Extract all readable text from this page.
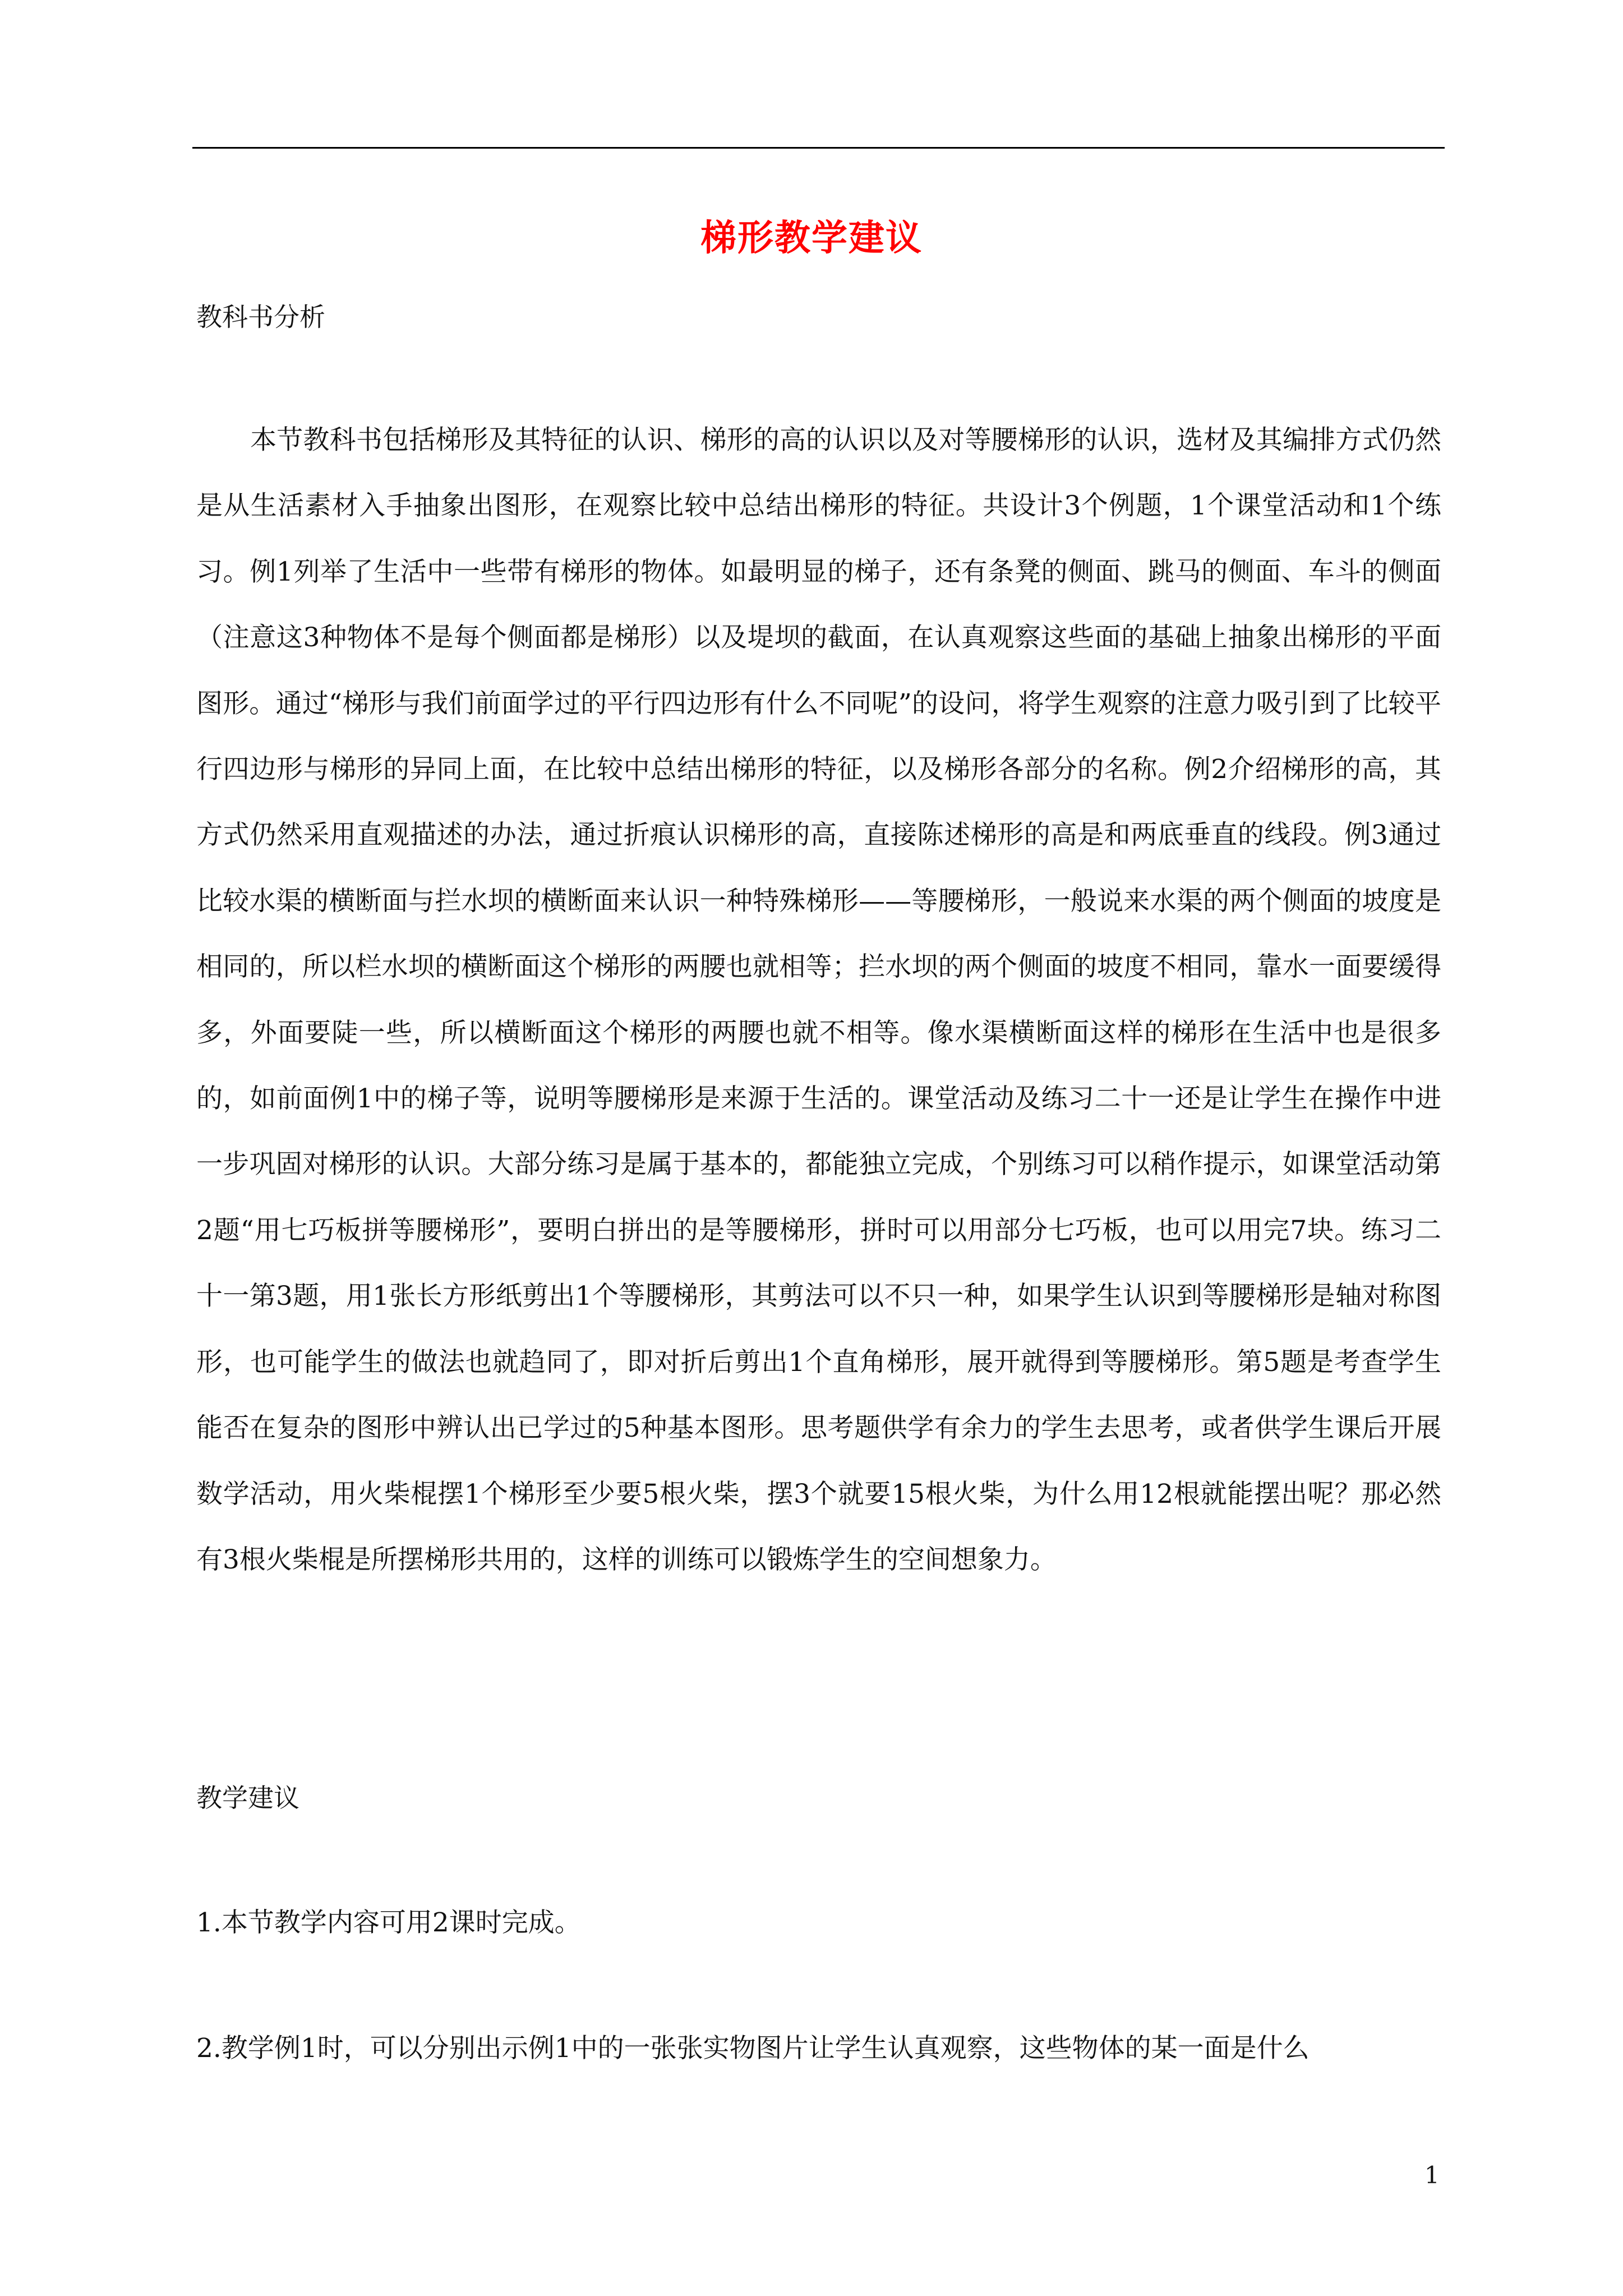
梯形教学建议
教科书分析

本节教科书包括梯形及其特征的认识、梯形的高的认识以及对等腰梯形的认识，选材及其编排方式仍然是从生活素材入手抽象出图形，在观察比较中总结出梯形的特征。共设计3个例题，1个课堂活动和1个练习。例1列举了生活中一些带有梯形的物体。如最明显的梯子，还有条凳的侧面、跳马的侧面、车斗的侧面（注意这3种物体不是每个侧面都是梯形）以及堤坝的截面，在认真观察这些面的基础上抽象出梯形的平面图形。通过“梯形与我们前面学过的平行四边形有什么不同呢”的设问，将学生观察的注意力吸引到了比较平行四边形与梯形的异同上面，在比较中总结出梯形的特征，以及梯形各部分的名称。例2介绍梯形的高，其方式仍然采用直观描述的办法，通过折痕认识梯形的高，直接陈述梯形的高是和两底垂直的线段。例3通过比较水渠的横断面与拦水坝的横断面来认识一种特殊梯形——等腰梯形，一般说来水渠的两个侧面的坡度是相同的，所以栏水坝的横断面这个梯形的两腰也就相等；拦水坝的两个侧面的坡度不相同，靠水一面要缓得多，外面要陡一些，所以横断面这个梯形的两腰也就不相等。像水渠横断面这样的梯形在生活中也是很多的，如前面例1中的梯子等，说明等腰梯形是来源于生活的。课堂活动及练习二十一还是让学生在操作中进一步巩固对梯形的认识。大部分练习是属于基本的，都能独立完成，个别练习可以稍作提示，如课堂活动第2题“用七巧板拼等腰梯形”，要明白拼出的是等腰梯形，拼时可以用部分七巧板，也可以用完7块。练习二十一第3题，用1张长方形纸剪出1个等腰梯形，其剪法可以不只一种，如果学生认识到等腰梯形是轴对称图形，也可能学生的做法也就趋同了，即对折后剪出1个直角梯形，展开就得到等腰梯形。第5题是考查学生能否在复杂的图形中辨认出已学过的5种基本图形。思考题供学有余力的学生去思考，或者供学生课后开展数学活动，用火柴棍摆1个梯形至少要5根火柴，摆3个就要15根火柴，为什么用12根就能摆出呢？那必然有3根火柴棍是所摆梯形共用的，这样的训练可以锻炼学生的空间想象力。

教学建议
1.本节教学内容可用2课时完成。
2.教学例1时，可以分别出示例1中的一张张实物图片让学生认真观察，这些物体的某一面是什么
1
